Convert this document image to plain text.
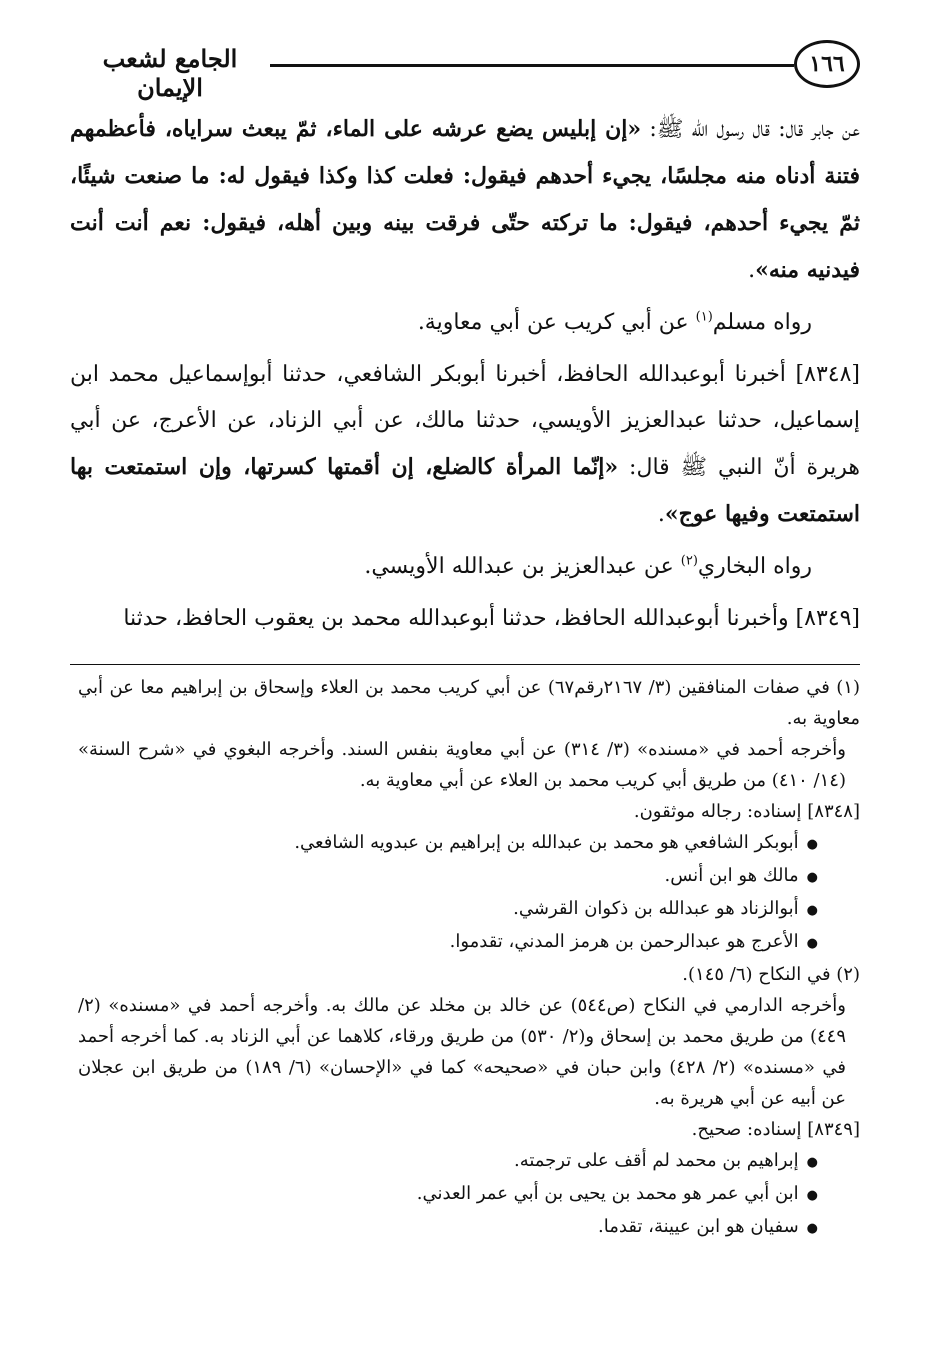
الجامع لشعب الإيمان
١٦٦

عن جابر قال: قال رسول الله ﷺ: «إن إبليس يضع عرشه على الماء، ثمّ يبعث سراياه، فأعظمهم فتنة أدناه منه مجلسًا، يجيء أحدهم فيقول: فعلت كذا وكذا فيقول له: ما صنعت شيئًا، ثمّ يجيء أحدهم، فيقول: ما تركته حتّى فرقت بينه وبين أهله، فيقول: نعم أنت أنت فيدنيه منه».

رواه مسلم$^{(١)}$ عن أبي كريب عن أبي معاوية.

[٨٣٤٨] أخبرنا أبوعبدالله الحافظ، أخبرنا أبوبكر الشافعي، حدثنا أبوإسماعيل محمد ابن إسماعيل، حدثنا عبدالعزيز الأويسي، حدثنا مالك، عن أبي الزناد، عن الأعرج، عن أبي هريرة أنّ النبي ﷺ قال: «إنّما المرأة كالضلع، إن أقمتها كسرتها، وإن استمتعت بها استمتعت وفيها عوج».

رواه البخاري$^{(٢)}$ عن عبدالعزيز بن عبدالله الأويسي.

[٨٣٤٩] وأخبرنا أبوعبدالله الحافظ، حدثنا أبوعبدالله محمد بن يعقوب الحافظ، حدثنا

(١) في صفات المنافقين (٣/ ٢١٦٧رقم٦٧) عن أبي كريب محمد بن العلاء وإسحاق بن إبراهيم معا عن أبي معاوية به.

وأخرجه أحمد في «مسنده» (٣/ ٣١٤) عن أبي معاوية بنفس السند. وأخرجه البغوي في «شرح السنة» (١٤/ ٤١٠) من طريق أبي كريب محمد بن العلاء عن أبي معاوية به.

[٨٣٤٨] إسناده: رجاله موثقون.

● أبوبكر الشافعي هو محمد بن عبدالله بن إبراهيم بن عبدويه الشافعي.

● مالك هو ابن أنس.

● أبوالزناد هو عبدالله بن ذكوان القرشي.

● الأعرج هو عبدالرحمن بن هرمز المدني، تقدموا.

(٢) في النكاح (٦/ ١٤٥).

وأخرجه الدارمي في النكاح (ص٥٤٤) عن خالد بن مخلد عن مالك به. وأخرجه أحمد في «مسنده» (٢/ ٤٤٩) من طريق محمد بن إسحاق و(٢/ ٥٣٠) من طريق ورقاء، كلاهما عن أبي الزناد به. كما أخرجه أحمد في «مسنده» (٢/ ٤٢٨) وابن حبان في «صحيحه» كما في «الإحسان» (٦/ ١٨٩) من طريق ابن عجلان عن أبيه عن أبي هريرة به.

[٨٣٤٩] إسناده: صحيح.

● إبراهيم بن محمد لم أقف على ترجمته.

● ابن أبي عمر هو محمد بن يحيى بن أبي عمر العدني.

● سفيان هو ابن عيينة، تقدما.
